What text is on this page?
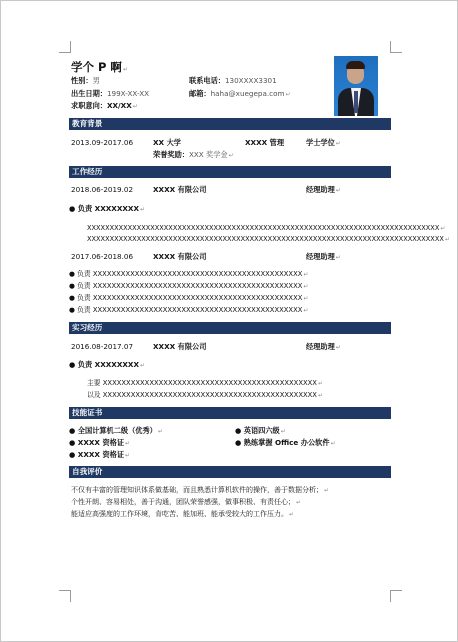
学个 P 啊↵
性别：男	联系电话：130XXXX3301
出生日期：199X-XX-XX	邮箱：haha@xuegepa.com↵
求职意向：XX/XX↵
教育背景
2013.09-2017.06	XX 大学	XXXX 管理	学士学位↵
荣誉奖励：XXX 奖学金↵
工作经历
2018.06-2019.02	XXXX 有限公司	经理助理↵
● 负责 XXXXXXXX↵
XXXXXXXXXXXXXXXXXXXXXXXXXXXXXXXXXXXXXXXXXXXXXXXXXXXXXXXXXXXXXXXXXXXXXXXXXXXXXX↵
XXXXXXXXXXXXXXXXXXXXXXXXXXXXXXXXXXXXXXXXXXXXXXXXXXXXXXXXXXXXXXXXXXXXXXXXXXXXXXX↵
2017.06-2018.06	XXXX 有限公司	经理助理↵
● 负责 XXXXXXXXXXXXXXXXXXXXXXXXXXXXXXXXXXXXXXXXXXXXX↵
● 负责 XXXXXXXXXXXXXXXXXXXXXXXXXXXXXXXXXXXXXXXXXXXXX↵
● 负责 XXXXXXXXXXXXXXXXXXXXXXXXXXXXXXXXXXXXXXXXXXXXX↵
● 负责 XXXXXXXXXXXXXXXXXXXXXXXXXXXXXXXXXXXXXXXXXXXXX↵
实习经历
2016.08-2017.07	XXXX 有限公司	经理助理↵
● 负责 XXXXXXXX↵
主要 XXXXXXXXXXXXXXXXXXXXXXXXXXXXXXXXXXXXXXXXXXXXXX↵
以及 XXXXXXXXXXXXXXXXXXXXXXXXXXXXXXXXXXXXXXXXXXXXXX↵
技能证书
● 全国计算机二级（优秀）↵	● 英语四六级↵
● XXXX 资格证↵	● 熟练掌握 Office 办公软件↵
● XXXX 资格证↵
自我评价
不仅有丰富的管理知识体系做基础，而且熟悉计算机软件的操作，善于数据分析；↵
个性开朗、容易相处，善于沟通，团队荣誉感强，做事积极、有责任心；↵
能适应高强度的工作环境，肯吃苦、能加班、能承受较大的工作压力。↵
